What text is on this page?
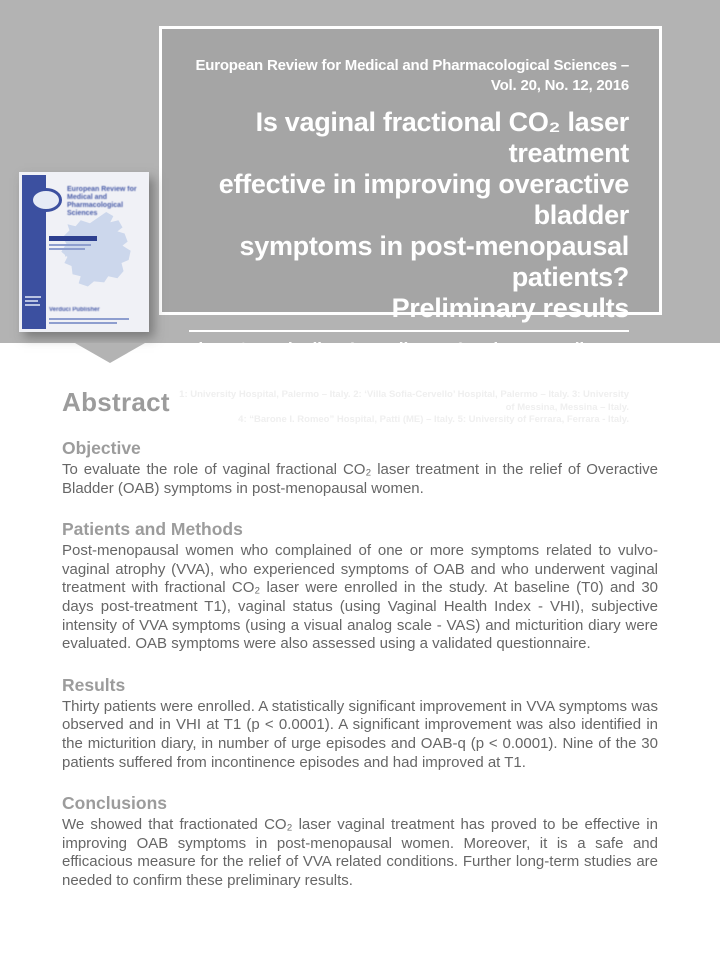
European Review for Medical and Pharmacological Sciences – Vol. 20, No. 12, 2016
Is vaginal fractional CO₂ laser treatment
effective in improving overactive bladder
symptoms in post-menopausal patients?
Preliminary results
Perino A¹, Cucinella G², Gugliotta G³, Saitta S⁴, Polito S⁵,
Adile B², Marci R⁵, Calagna G¹
1: University Hospital, Palermo – Italy. 2: ‘Villa Sofia-Cervello’ Hospital, Palermo – Italy. 3: University of Messina, Messina – Italy.
4: “Barone I. Romeo” Hospital, Patti (ME) – Italy. 5: University of Ferrara, Ferrara - Italy.
European Review for Medical and Pharmacological Sciences
Verduci Publisher
Abstract
Objective

To evaluate the role of vaginal fractional CO₂ laser treatment in the relief of Overactive Bladder (OAB) symptoms in post-menopausal women.

Patients and Methods

Post-menopausal women who complained of one or more symptoms related to vulvo-vaginal atrophy (VVA), who experienced symptoms of OAB and who underwent vaginal treatment with fractional CO₂ laser were enrolled in the study. At baseline (T0) and 30 days post-treatment T1), vaginal status (using Vaginal Health Index - VHI), subjective intensity of VVA symptoms (using a visual analog scale - VAS) and micturition diary were evaluated. OAB symptoms were also assessed using a validated questionnaire.

Results

Thirty patients were enrolled. A statistically significant improvement in VVA symptoms was observed and in VHI at T1 (p < 0.0001). A significant improvement was also identified in the micturition diary, in number of urge episodes and OAB-q (p < 0.0001). Nine of the 30 patients suffered from incontinence episodes and had improved at T1.

Conclusions

We showed that fractionated CO₂ laser vaginal treatment has proved to be effective in improving OAB symptoms in post-menopausal women. Moreover, it is a safe and efficacious measure for the relief of VVA related conditions. Further long-term studies are needed to confirm these preliminary results.
